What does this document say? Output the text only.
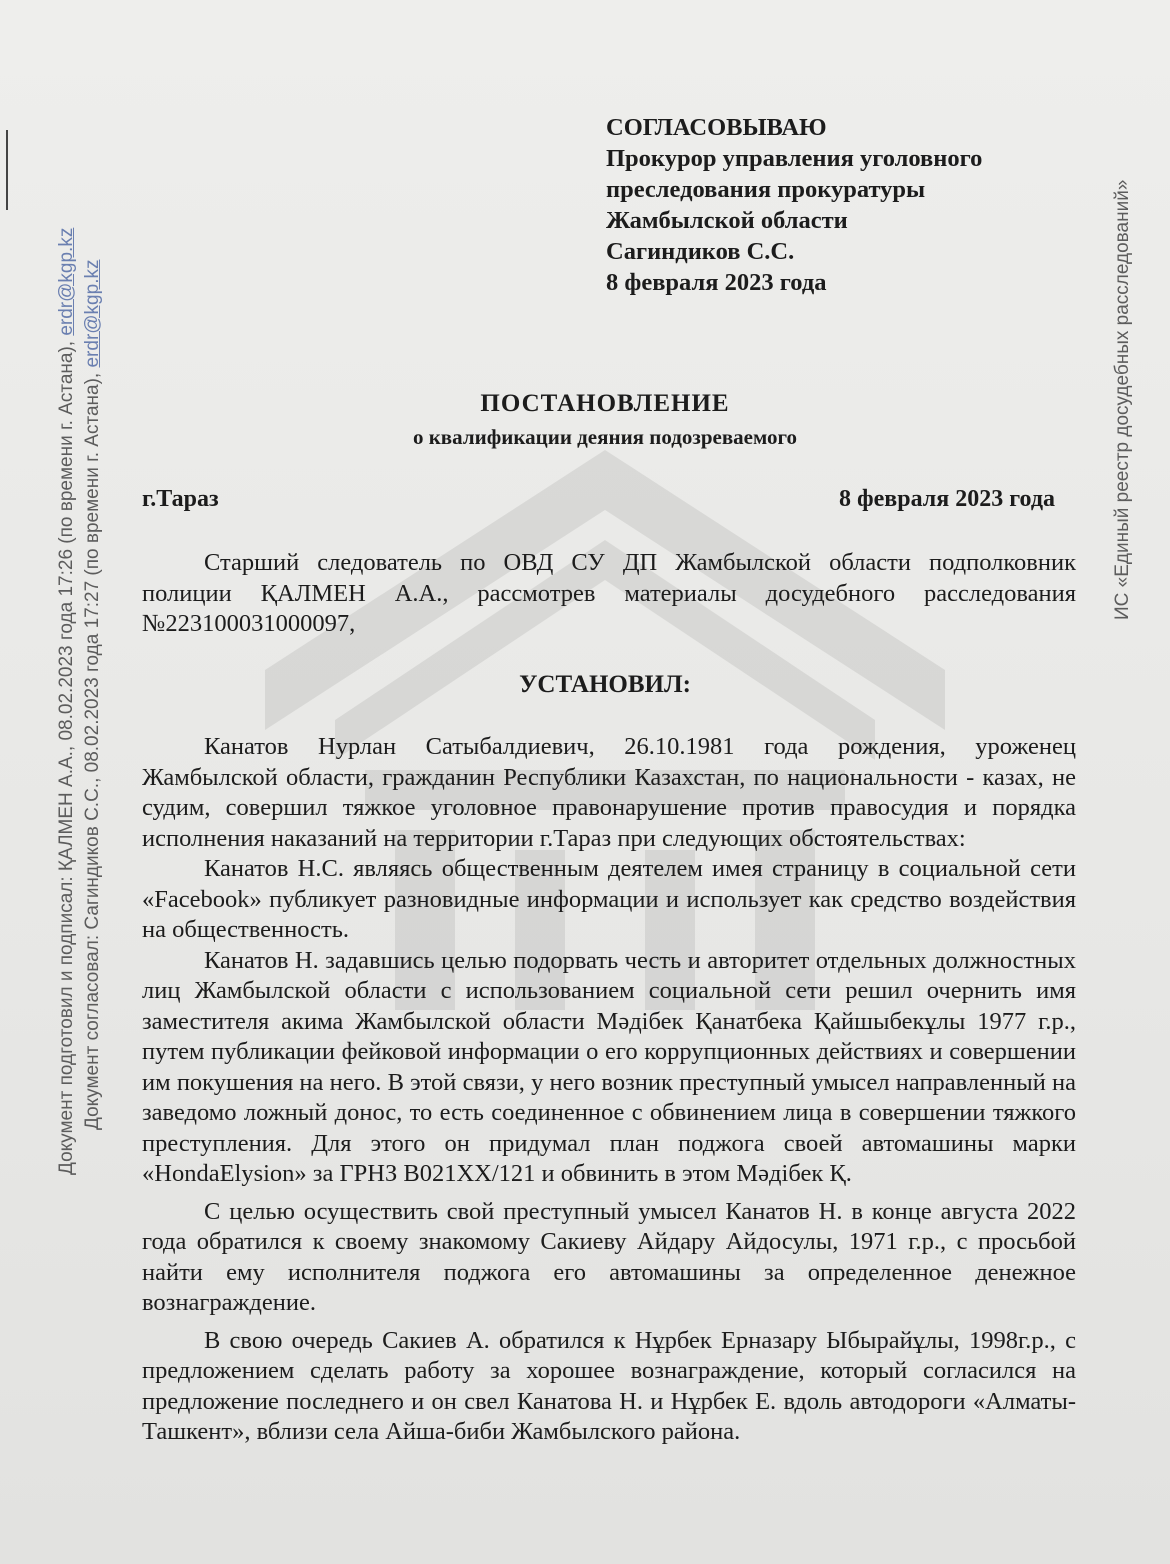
Документ подготовил и подписал: ҚАЛМЕН А.А., 08.02.2023 года 17:26 (по времени г. Астана), erdr@kgp.kz
Документ согласовал: Сагиндиков С.С., 08.02.2023 года 17:27 (по времени г. Астана), erdr@kgp.kz	ИС «Единый реестр досудебных расследований»
СОГЛАСОВЫВАЮ
Прокурор управления уголовного
преследования прокуратуры
Жамбылской области
Сагиндиков С.С.
8 февраля 2023 года
ПОСТАНОВЛЕНИЕ
о квалификации деяния подозреваемого
г.Тараз	8 февраля 2023 года

Старший следователь по ОВД СУ ДП Жамбылской области подполковник полиции ҚАЛМЕН А.А., рассмотрев материалы досудебного расследования №223100031000097,

УСТАНОВИЛ:

Канатов Нурлан Сатыбалдиевич, 26.10.1981 года рождения, уроженец Жамбылской области, гражданин Республики Казахстан, по национальности - казах, не судим, совершил тяжкое уголовное правонарушение против правосудия и порядка исполнения наказаний на территории г.Тараз при следующих обстоятельствах:

Канатов Н.С. являясь общественным деятелем имея страницу в социальной сети «Facebook» публикует разновидные информации и использует как средство воздействия на общественность.

Канатов Н. задавшись целью подорвать честь и авторитет отдельных должностных лиц Жамбылской области с использованием социальной сети решил очернить имя заместителя акима Жамбылской области Мәдібек Қанатбека Қайшыбекұлы 1977 г.р., путем публикации фейковой информации о его коррупционных действиях и совершении им покушения на него. В этой связи, у него возник преступный умысел направленный на заведомо ложный донос, то есть соединенное с обвинением лица в совершении тяжкого преступления. Для этого он придумал план поджога своей автомашины марки «HondaElysion» за ГРНЗ В021ХХ/121 и обвинить в этом Мәдібек Қ.

С целью осуществить свой преступный умысел Канатов Н. в конце августа 2022 года обратился к своему знакомому Сакиеву Айдару Айдосулы, 1971 г.р., с просьбой найти ему исполнителя поджога его автомашины за определенное денежное вознаграждение.

В свою очередь Сакиев А. обратился к Нұрбек Ерназару Ыбырайұлы, 1998г.р., с предложением сделать работу за хорошее вознаграждение, который согласился на предложение последнего и он свел Канатова Н. и Нұрбек Е. вдоль автодороги «Алматы-Ташкент», вблизи села Айша-биби Жамбылского района.
